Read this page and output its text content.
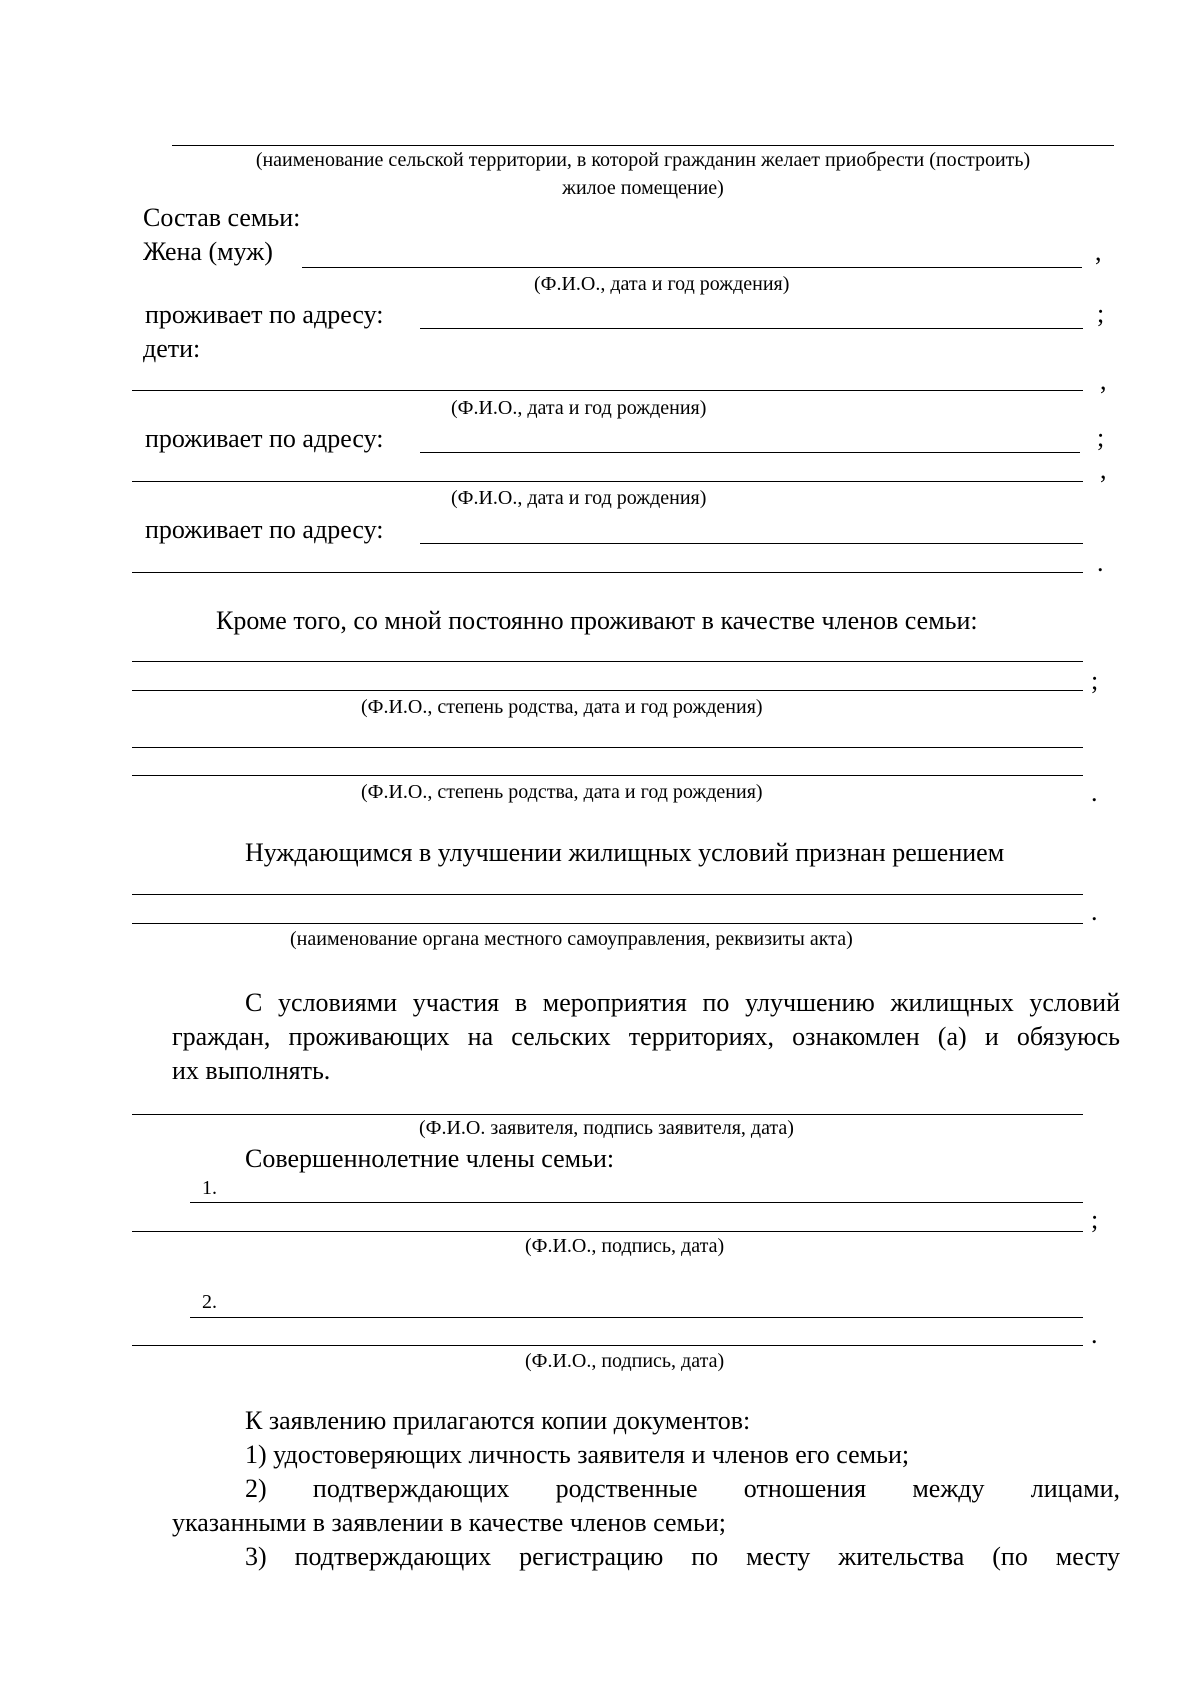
(наименование сельской территории, в которой гражданин желает приобрести (построить)
жилое помещение)
Состав семьи:
Жена (муж)	,
(Ф.И.О., дата и год рождения)
проживает по адресу:	;
дети:
,
(Ф.И.О., дата и год рождения)
проживает по адресу:	;
,
(Ф.И.О., дата и год рождения)
проживает по адресу:
.
Кроме того, со мной постоянно проживают в качестве членов семьи:
;
(Ф.И.О., степень родства, дата и год рождения)
(Ф.И.О., степень родства, дата и год рождения)	.
Нуждающимся в улучшении жилищных условий признан решением
.
(наименование органа местного самоуправления, реквизиты акта)
С условиями участия в мероприятия по улучшению жилищных условий
граждан, проживающих на сельских территориях, ознакомлен (а) и обязуюсь
их выполнять.
(Ф.И.О. заявителя, подпись заявителя, дата)
Совершеннолетние члены семьи:
1.
;
(Ф.И.О., подпись, дата)
2.
.
(Ф.И.О., подпись, дата)
К заявлению прилагаются копии документов:
1) удостоверяющих личность заявителя и членов его семьи;
2) подтверждающих родственные отношения между лицами,
указанными в заявлении в качестве членов семьи;
3) подтверждающих регистрацию по месту жительства (по месту
